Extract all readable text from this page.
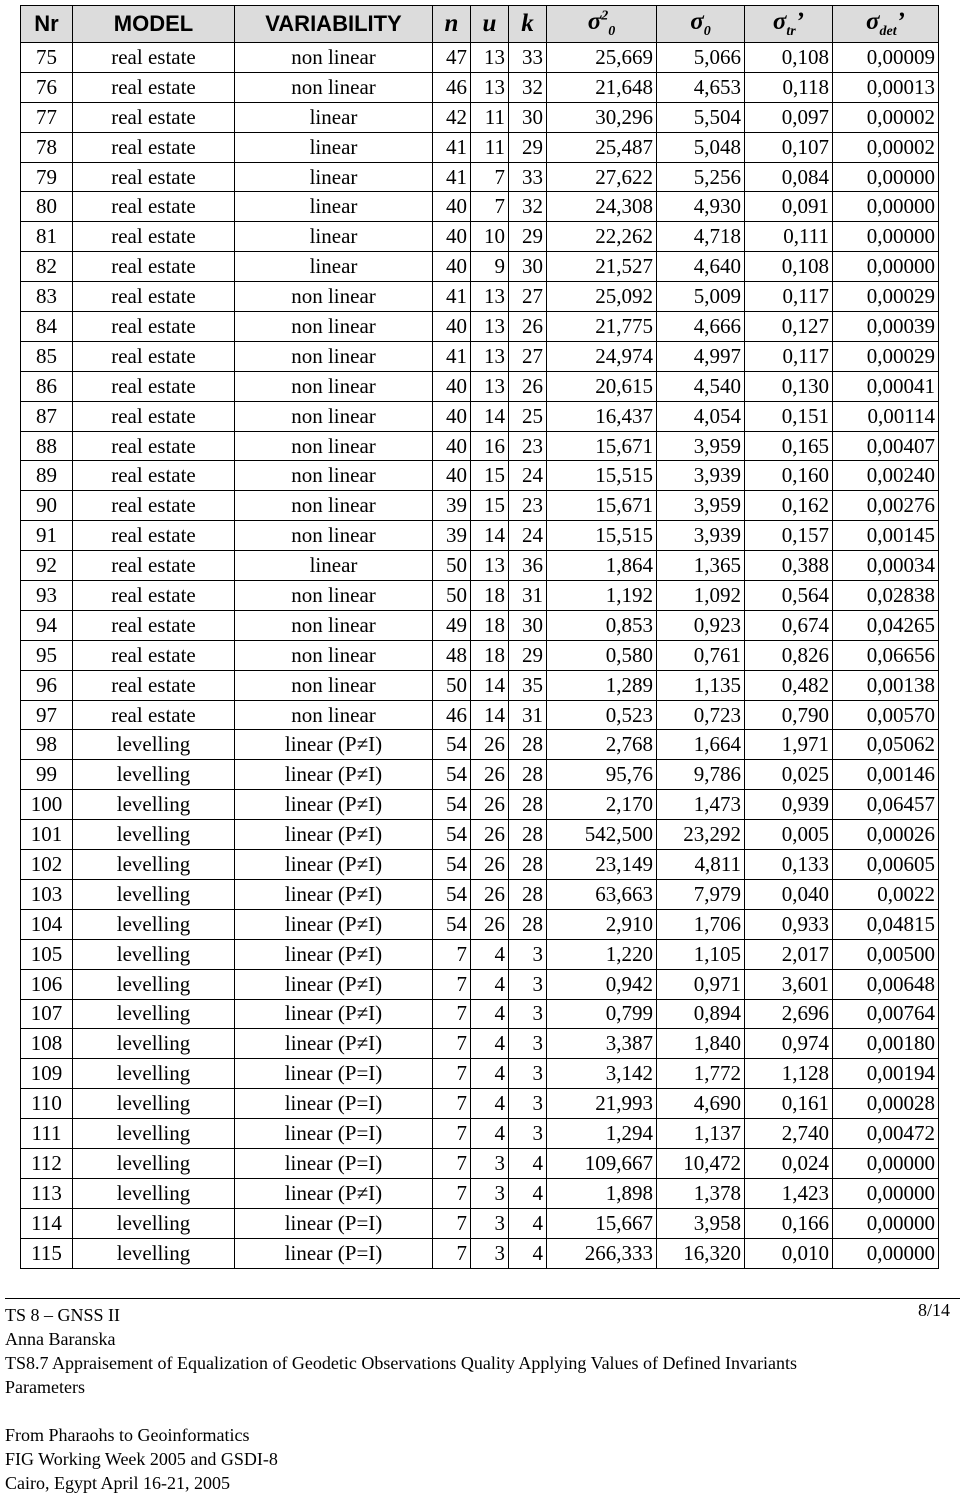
Nr	MODEL	VARIABILITY	n	u	k	$\sigma^2_0$	$\sigma_0$	$\sigma_{tr}$’	$\sigma_{det}$’
75	real estate	non linear	47	13	33	25,669	5,066	0,108	0,00009
76	real estate	non linear	46	13	32	21,648	4,653	0,118	0,00013
77	real estate	linear	42	11	30	30,296	5,504	0,097	0,00002
78	real estate	linear	41	11	29	25,487	5,048	0,107	0,00002
79	real estate	linear	41	7	33	27,622	5,256	0,084	0,00000
80	real estate	linear	40	7	32	24,308	4,930	0,091	0,00000
81	real estate	linear	40	10	29	22,262	4,718	0,111	0,00000
82	real estate	linear	40	9	30	21,527	4,640	0,108	0,00000
83	real estate	non linear	41	13	27	25,092	5,009	0,117	0,00029
84	real estate	non linear	40	13	26	21,775	4,666	0,127	0,00039
85	real estate	non linear	41	13	27	24,974	4,997	0,117	0,00029
86	real estate	non linear	40	13	26	20,615	4,540	0,130	0,00041
87	real estate	non linear	40	14	25	16,437	4,054	0,151	0,00114
88	real estate	non linear	40	16	23	15,671	3,959	0,165	0,00407
89	real estate	non linear	40	15	24	15,515	3,939	0,160	0,00240
90	real estate	non linear	39	15	23	15,671	3,959	0,162	0,00276
91	real estate	non linear	39	14	24	15,515	3,939	0,157	0,00145
92	real estate	linear	50	13	36	1,864	1,365	0,388	0,00034
93	real estate	non linear	50	18	31	1,192	1,092	0,564	0,02838
94	real estate	non linear	49	18	30	0,853	0,923	0,674	0,04265
95	real estate	non linear	48	18	29	0,580	0,761	0,826	0,06656
96	real estate	non linear	50	14	35	1,289	1,135	0,482	0,00138
97	real estate	non linear	46	14	31	0,523	0,723	0,790	0,00570
98	levelling	linear (P≠I)	54	26	28	2,768	1,664	1,971	0,05062
99	levelling	linear (P≠I)	54	26	28	95,76	9,786	0,025	0,00146
100	levelling	linear (P≠I)	54	26	28	2,170	1,473	0,939	0,06457
101	levelling	linear (P≠I)	54	26	28	542,500	23,292	0,005	0,00026
102	levelling	linear (P≠I)	54	26	28	23,149	4,811	0,133	0,00605
103	levelling	linear (P≠I)	54	26	28	63,663	7,979	0,040	0,0022
104	levelling	linear (P≠I)	54	26	28	2,910	1,706	0,933	0,04815
105	levelling	linear (P≠I)	7	4	3	1,220	1,105	2,017	0,00500
106	levelling	linear (P≠I)	7	4	3	0,942	0,971	3,601	0,00648
107	levelling	linear (P≠I)	7	4	3	0,799	0,894	2,696	0,00764
108	levelling	linear (P≠I)	7	4	3	3,387	1,840	0,974	0,00180
109	levelling	linear (P=I)	7	4	3	3,142	1,772	1,128	0,00194
110	levelling	linear (P=I)	7	4	3	21,993	4,690	0,161	0,00028
111	levelling	linear (P=I)	7	4	3	1,294	1,137	2,740	0,00472
112	levelling	linear (P=I)	7	3	4	109,667	10,472	0,024	0,00000
113	levelling	linear (P≠I)	7	3	4	1,898	1,378	1,423	0,00000
114	levelling	linear (P=I)	7	3	4	15,667	3,958	0,166	0,00000
115	levelling	linear (P=I)	7	3	4	266,333	16,320	0,010	0,00000
8/14
TS 8 – GNSS II
Anna Baranska
TS8.7 Appraisement of Equalization of Geodetic Observations Quality Applying Values of Defined Invariants
Parameters
From Pharaohs to Geoinformatics
FIG Working Week 2005 and GSDI-8
Cairo, Egypt April 16-21, 2005
